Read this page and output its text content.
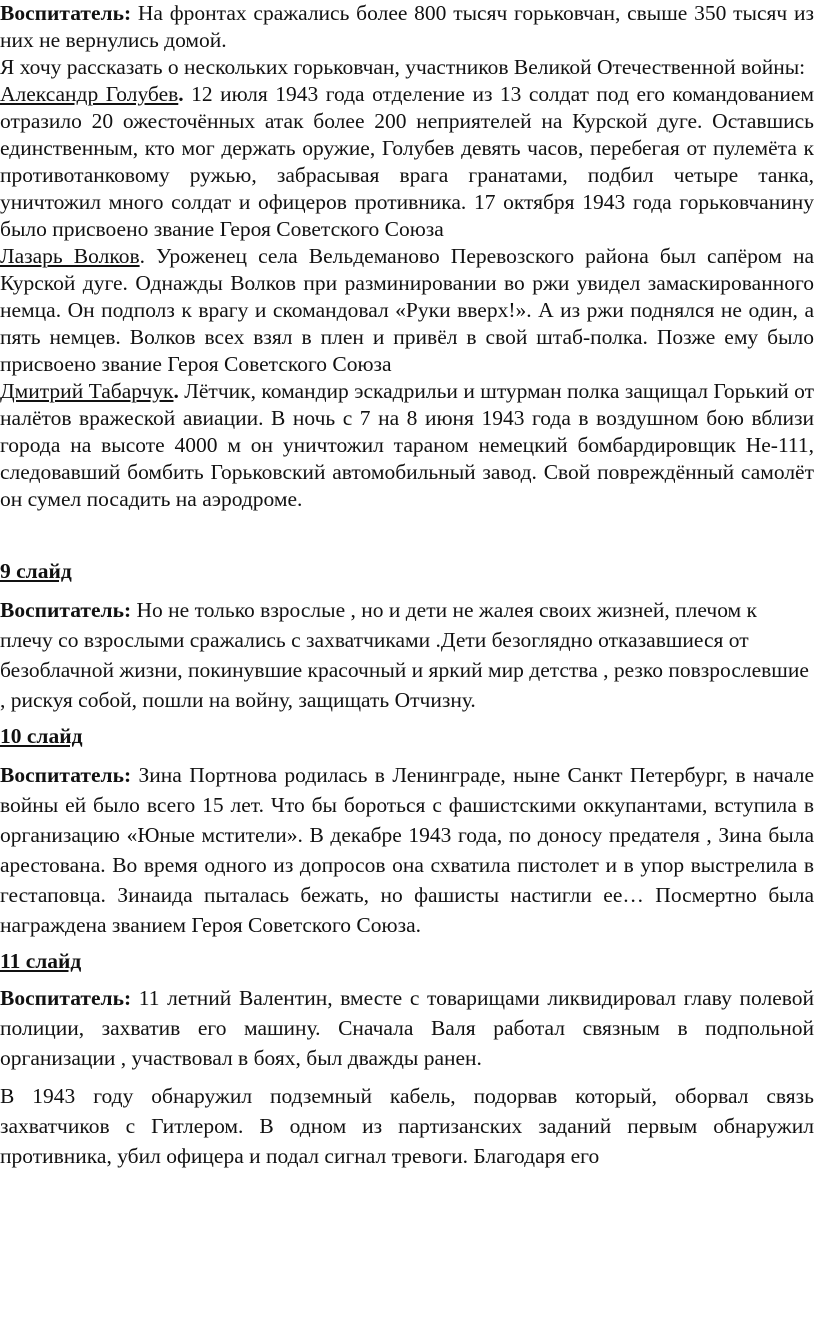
Воспитатель: На фронтах сражались более 800 тысяч горьковчан, свыше 350 тысяч из них не вернулись домой.

Я хочу рассказать о нескольких горьковчан, участников Великой Отечественной войны:

Александр Голубев. 12 июля 1943 года отделение из 13 солдат под его командованием отразило 20 ожесточённых атак более 200 неприятелей на Курской дуге. Оставшись единственным, кто мог держать оружие, Голубев девять часов, перебегая от пулемёта к противотанковому ружью, забрасывая врага гранатами, подбил четыре танка, уничтожил много солдат и офицеров противника. 17 октября 1943 года горьковчанину было присвоено звание Героя Советского Союза

Лазарь Волков. Уроженец села Вельдеманово Перевозского района был сапёром на Курской дуге. Однажды Волков при разминировании во ржи увидел замаскированного немца. Он подполз к врагу и скомандовал «Руки вверх!». А из ржи поднялся не один, а пять немцев. Волков всех взял в плен и привёл в свой штаб-полка. Позже ему было присвоено звание Героя Советского Союза

Дмитрий Табарчук. Лётчик, командир эскадрильи и штурман полка защищал Горький от налётов вражеской авиации. В ночь с 7 на 8 июня 1943 года в воздушном бою вблизи города на высоте 4000 м он уничтожил тараном немецкий бомбардировщик Не-111, следовавший бомбить Горьковский автомобильный завод. Свой повреждённый самолёт он сумел посадить на аэродроме.

9 слайд

Воспитатель: Но не только взрослые , но и дети не жалея своих жизней, плечом к плечу со взрослыми сражались с захватчиками .Дети безоглядно отказавшиеся от безоблачной жизни, покинувшие красочный и яркий мир детства , резко повзрослевшие , рискуя собой, пошли на войну, защищать Отчизну.

10 слайд

Воспитатель: Зина Портнова родилась в Ленинграде, ныне Санкт Петербург, в начале войны ей было всего 15 лет. Что бы бороться с фашистскими оккупантами, вступила в организацию «Юные мстители». В декабре 1943 года, по доносу предателя , Зина была арестована. Во время одного из допросов она схватила пистолет и в упор выстрелила в гестаповца. Зинаида пыталась бежать, но фашисты настигли ее… Посмертно была награждена званием Героя Советского Союза.

11 слайд

Воспитатель: 11 летний Валентин, вместе с товарищами ликвидировал главу полевой полиции, захватив его машину. Сначала Валя работал связным в подпольной организации , участвовал в боях, был дважды ранен.

В 1943 году обнаружил подземный кабель, подорвав который, оборвал связь захватчиков с Гитлером. В одном из партизанских заданий первым обнаружил противника, убил офицера и подал сигнал тревоги. Благодаря его
